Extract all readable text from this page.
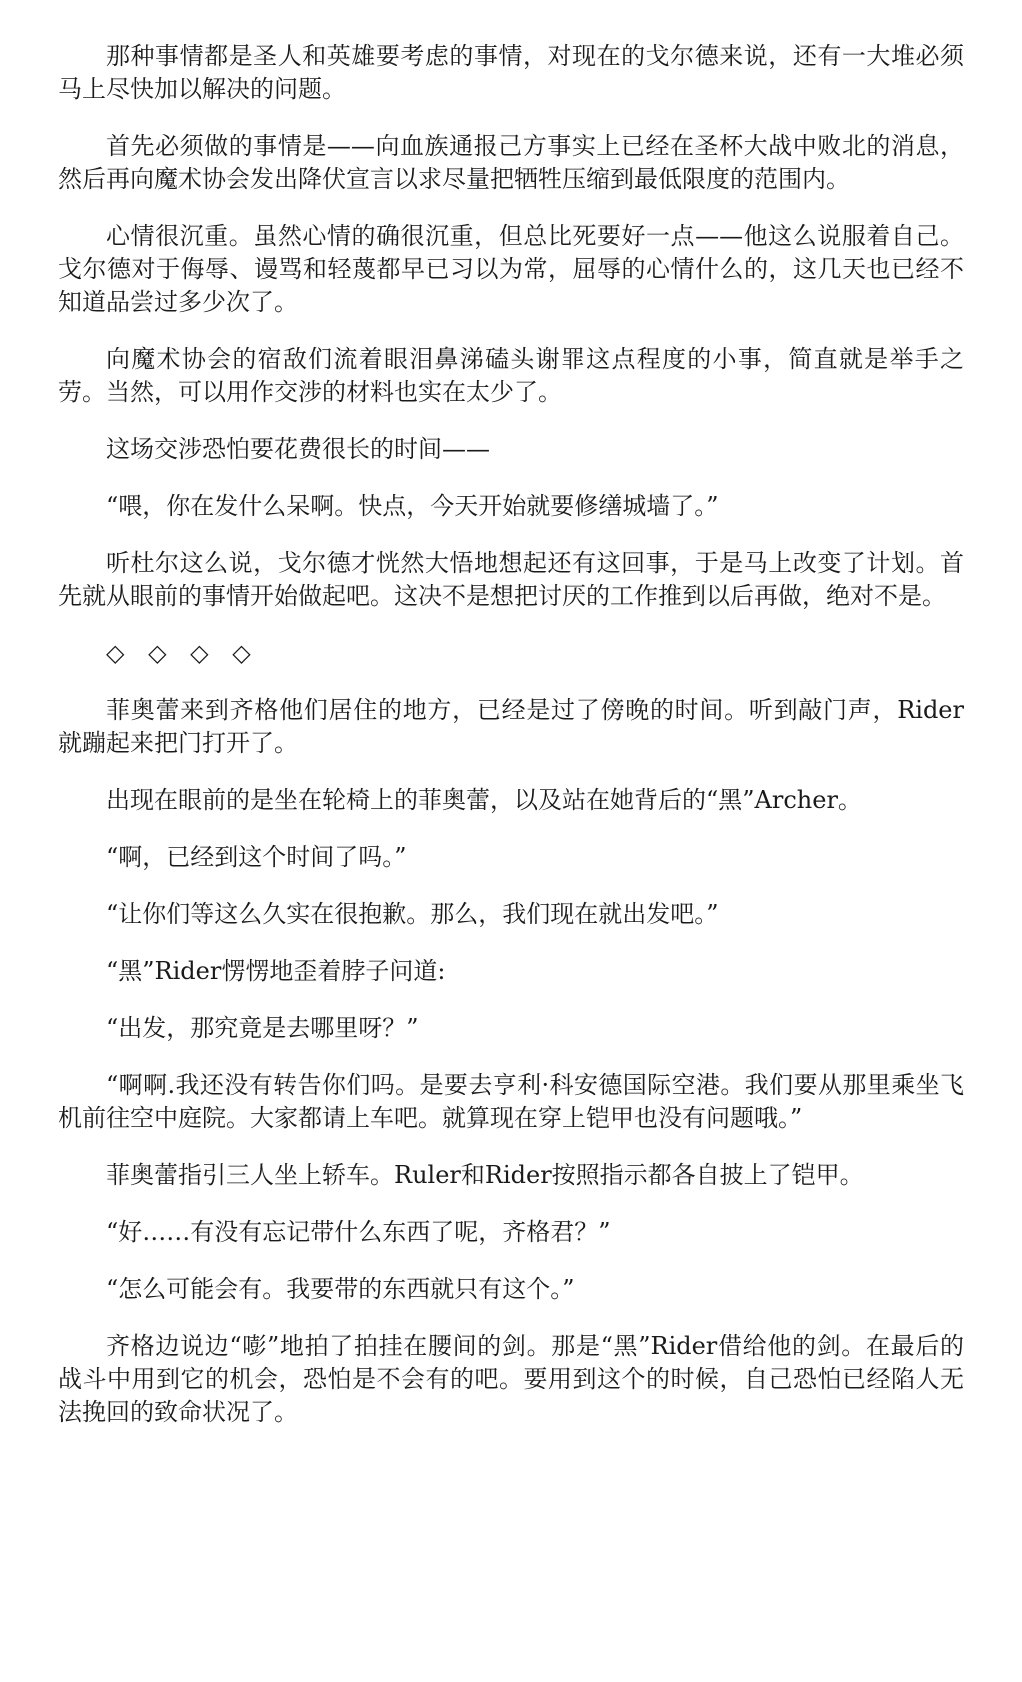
那种事情都是圣人和英雄要考虑的事情，对现在的戈尔德来说，还有一大堆必须马上尽快加以解决的问题。

首先必须做的事情是——向血族通报己方事实上已经在圣杯大战中败北的消息，然后再向魔术协会发出降伏宣言以求尽量把牺牲压缩到最低限度的范围内。

心情很沉重。虽然心情的确很沉重，但总比死要好一点——他这么说服着自己。戈尔德对于侮辱、谩骂和轻蔑都早已习以为常，屈辱的心情什么的，这几天也已经不知道品尝过多少次了。

向魔术协会的宿敌们流着眼泪鼻涕磕头谢罪这点程度的小事，简直就是举手之劳。当然，可以用作交涉的材料也实在太少了。

这场交涉恐怕要花费很长的时间——

“喂，你在发什么呆啊。快点，今天开始就要修缮城墙了。”

听杜尔这么说，戈尔德才恍然大悟地想起还有这回事，于是马上改变了计划。首先就从眼前的事情开始做起吧。这决不是想把讨厌的工作推到以后再做，绝对不是。

◇ ◇ ◇ ◇

菲奥蕾来到齐格他们居住的地方，已经是过了傍晚的时间。听到敲门声，Rider就蹦起来把门打开了。

出现在眼前的是坐在轮椅上的菲奥蕾，以及站在她背后的“黑”Archer。

“啊，已经到这个时间了吗。”

“让你们等这么久实在很抱歉。那么，我们现在就出发吧。”

“黑”Rider愣愣地歪着脖子问道:

“出发，那究竟是去哪里呀？”

“啊啊.我还没有转告你们吗。是要去亨利·科安德国际空港。我们要从那里乘坐飞机前往空中庭院。大家都请上车吧。就算现在穿上铠甲也没有问题哦。”

菲奥蕾指引三人坐上轿车。Ruler和Rider按照指示都各自披上了铠甲。

“好……有没有忘记带什么东西了呢，齐格君？”

“怎么可能会有。我要带的东西就只有这个。”

齐格边说边“嘭”地拍了拍挂在腰间的剑。那是“黑”Rider借给他的剑。在最后的战斗中用到它的机会，恐怕是不会有的吧。要用到这个的时候，自己恐怕已经陷人无法挽回的致命状况了。
